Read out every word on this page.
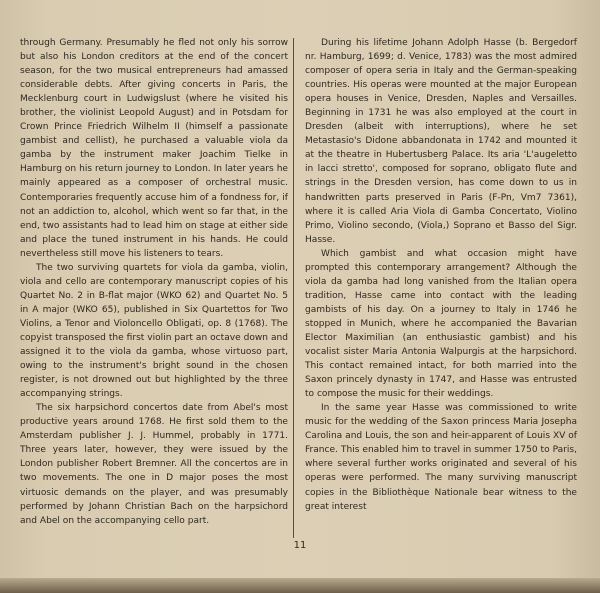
through Germany. Presumably he fled not only his sorrow but also his London creditors at the end of the concert season, for the two musical entrepreneurs had amassed considerable debts. After giving concerts in Paris, the Mecklenburg court in Ludwigslust (where he visited his brother, the violinist Leopold August) and in Potsdam for Crown Prince Friedrich Wilhelm II (himself a passionate gambist and cellist), he purchased a valuable viola da gamba by the instrument maker Joachim Tielke in Hamburg on his return journey to London. In later years he mainly appeared as a composer of orchestral music. Contemporaries frequently accuse him of a fondness for, if not an addiction to, alcohol, which went so far that, in the end, two assistants had to lead him on stage at either side and place the tuned instrument in his hands. He could nevertheless still move his listeners to tears.

The two surviving quartets for viola da gamba, violin, viola and cello are contemporary manuscript copies of his Quartet No. 2 in B-flat major (WKO 62) and Quartet No. 5 in A major (WKO 65), published in Six Quartettos for Two Violins, a Tenor and Violoncello Obligati, op. 8 (1768). The copyist transposed the first violin part an octave down and assigned it to the viola da gamba, whose virtuoso part, owing to the instrument's bright sound in the chosen register, is not drowned out but highlighted by the three accompanying strings.

The six harpsichord concertos date from Abel's most productive years around 1768. He first sold them to the Amsterdam publisher J. J. Hummel, probably in 1771. Three years later, however, they were issued by the London publisher Robert Bremner. All the concertos are in two movements. The one in D major poses the most virtuosic demands on the player, and was presumably performed by Johann Christian Bach on the harpsichord and Abel on the accompanying cello part.

During his lifetime Johann Adolph Hasse (b. Bergedorf nr. Hamburg, 1699; d. Venice, 1783) was the most admired composer of opera seria in Italy and the German-speaking countries. His operas were mounted at the major European opera houses in Venice, Dresden, Naples and Versailles. Beginning in 1731 he was also employed at the court in Dresden (albeit with interruptions), where he set Metastasio's Didone abbandonata in 1742 and mounted it at the theatre in Hubertusberg Palace. Its aria 'L'augeletto in lacci stretto', composed for soprano, obligato flute and strings in the Dresden version, has come down to us in handwritten parts preserved in Paris (F-Pn, Vm7 7361), where it is called Aria Viola di Gamba Concertato, Violino Primo, Violino secondo, (Viola,) Soprano et Basso del Sigr. Hasse.

Which gambist and what occasion might have prompted this contemporary arrangement? Although the viola da gamba had long vanished from the Italian opera tradition, Hasse came into contact with the leading gambists of his day. On a journey to Italy in 1746 he stopped in Munich, where he accompanied the Bavarian Elector Maximilian (an enthusiastic gambist) and his vocalist sister Maria Antonia Walpurgis at the harpsichord. This contact remained intact, for both married into the Saxon princely dynasty in 1747, and Hasse was entrusted to compose the music for their weddings.

In the same year Hasse was commissioned to write music for the wedding of the Saxon princess Maria Josepha Carolina and Louis, the son and heir-apparent of Louis XV of France. This enabled him to travel in summer 1750 to Paris, where several further works originated and several of his operas were performed. The many surviving manuscript copies in the Bibliothèque Nationale bear witness to the great interest

11
